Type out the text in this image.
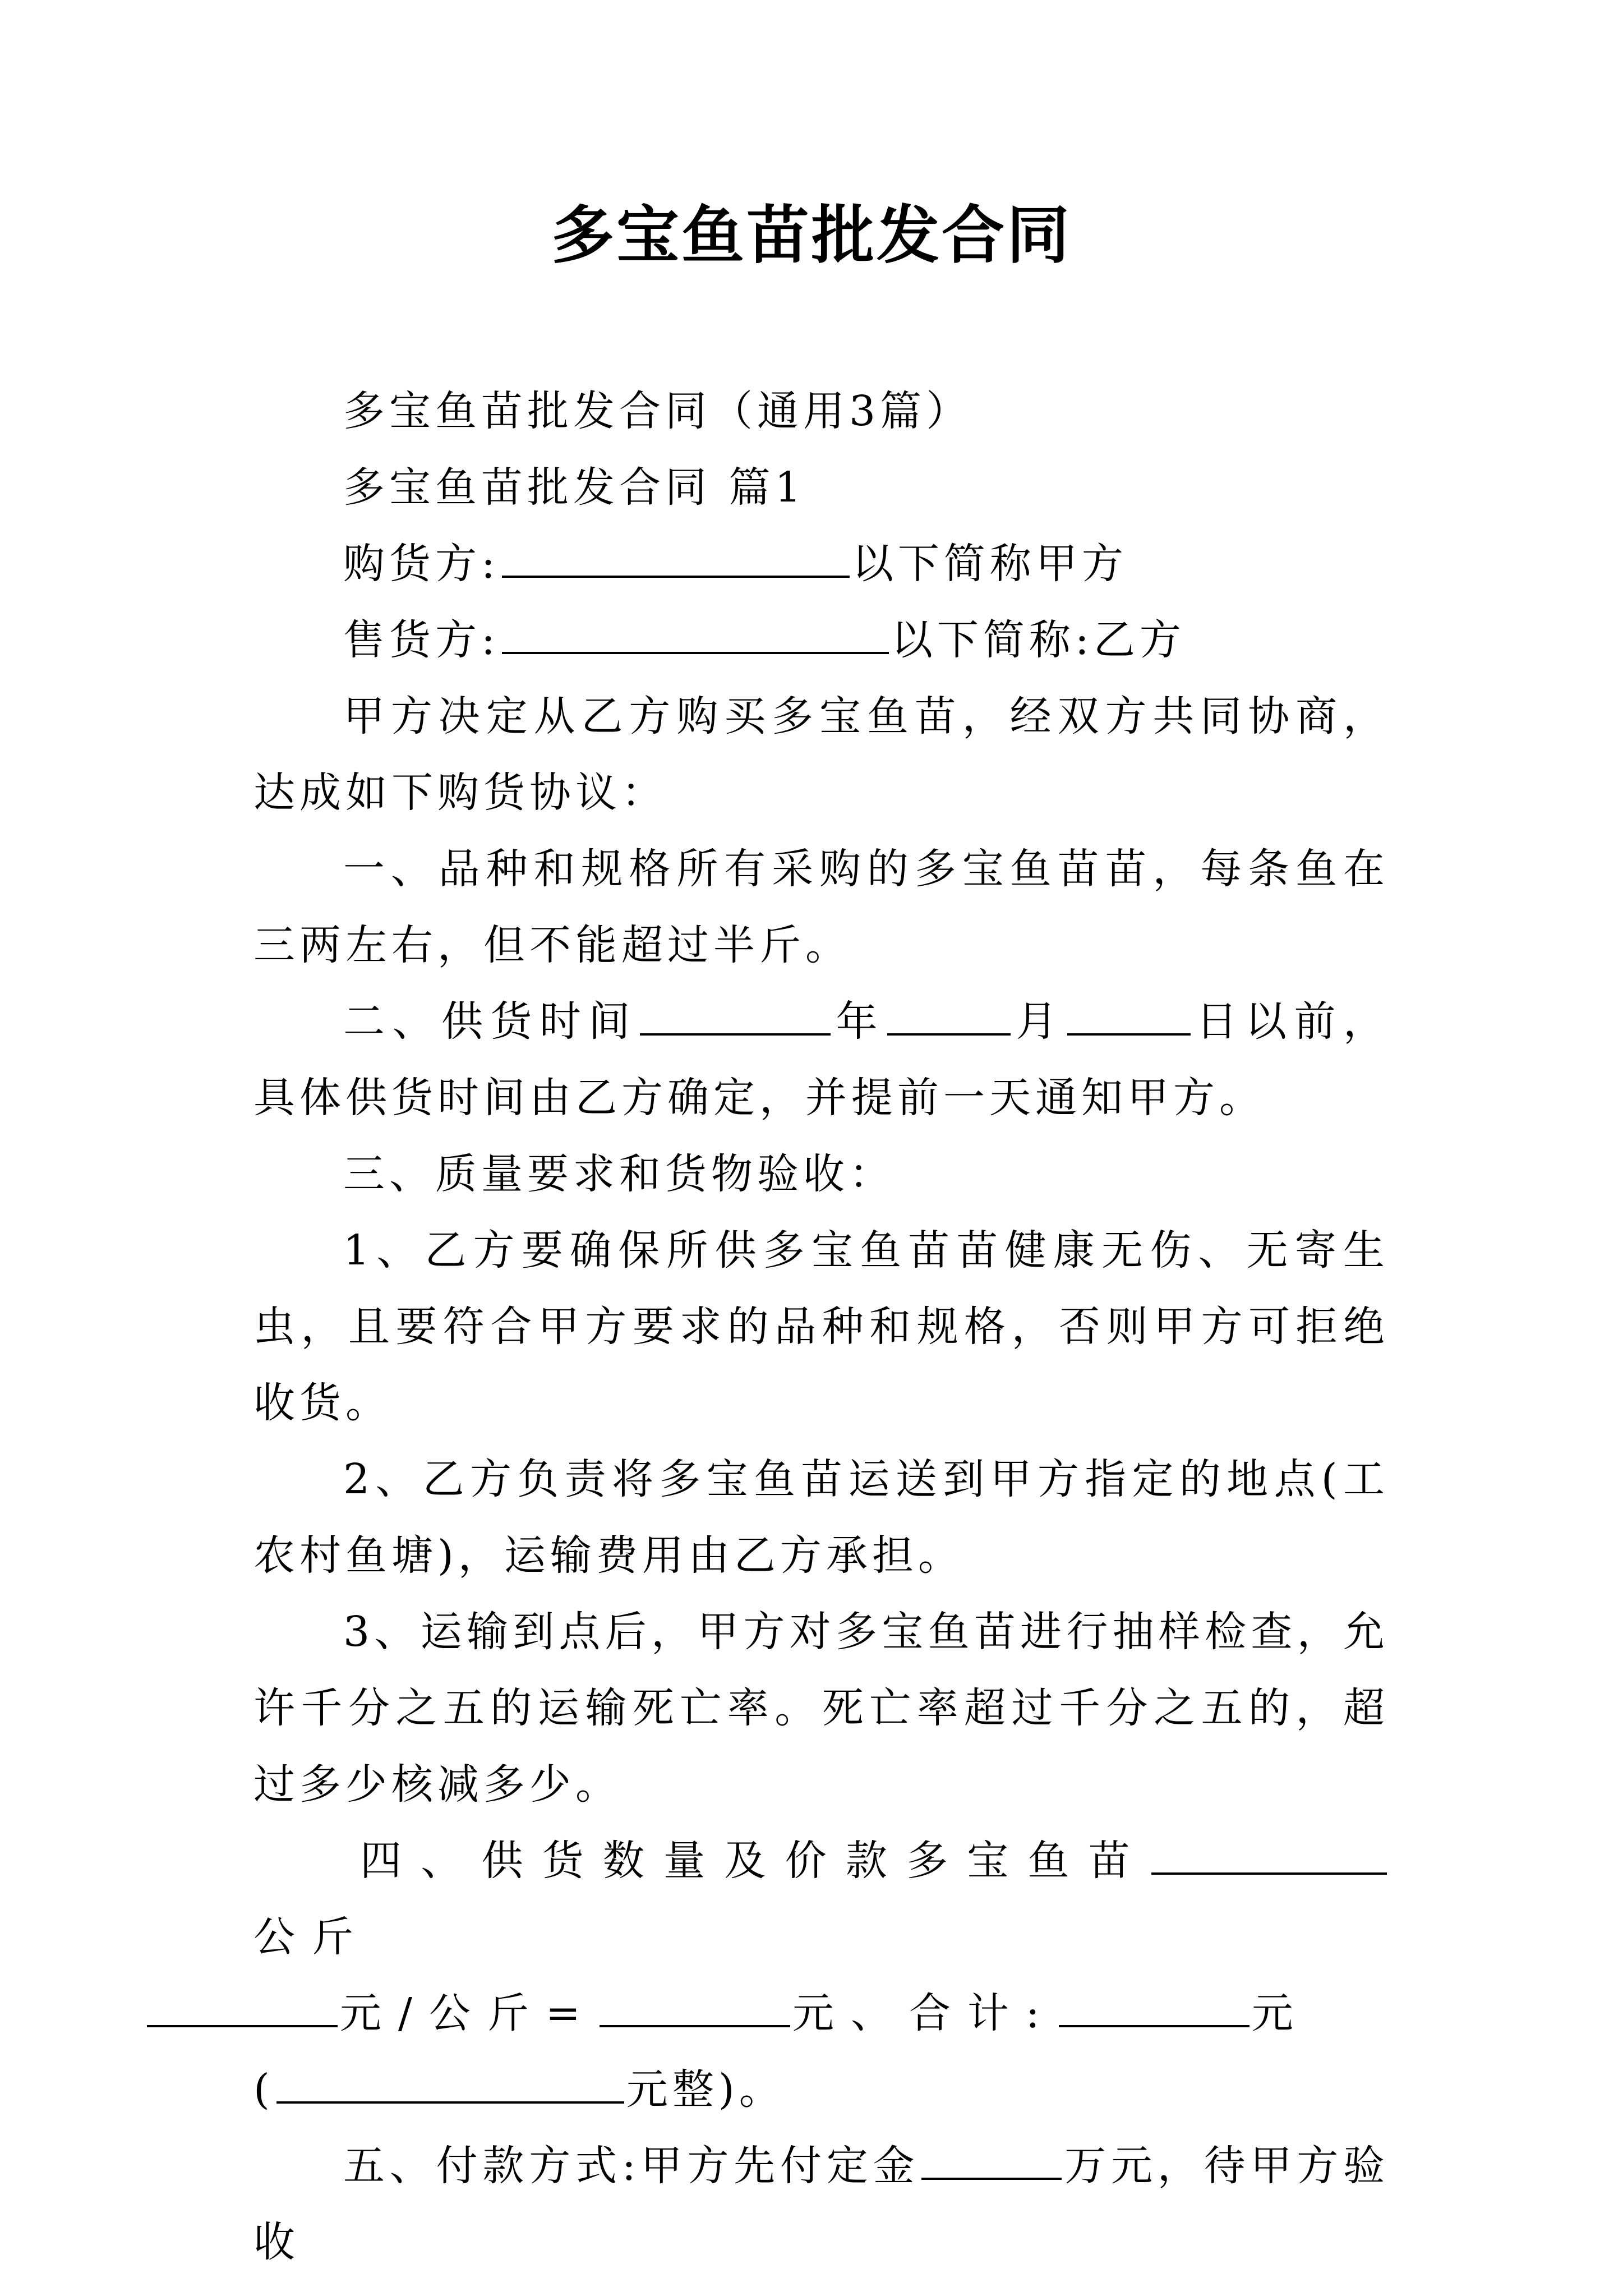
多宝鱼苗批发合同

多宝鱼苗批发合同（通用3篇）

多宝鱼苗批发合同 篇1

购货方:	以下简称甲方

售货方:	以下简称:乙方

甲方决定从乙方购买多宝鱼苗，经双方共同协商，达成如下购货协议：

一、品种和规格所有采购的多宝鱼苗苗，每条鱼在三两左右，但不能超过半斤。

二、供货时间	年	月	日以前，具体供货时间由乙方确定，并提前一天通知甲方。

三、质量要求和货物验收：

1、乙方要确保所供多宝鱼苗苗健康无伤、无寄生虫，且要符合甲方要求的品种和规格，否则甲方可拒绝收货。

2、乙方负责将多宝鱼苗运送到甲方指定的地点(工农村鱼塘)，运输费用由乙方承担。

3、运输到点后，甲方对多宝鱼苗进行抽样检查，允许千分之五的运输死亡率。死亡率超过千分之五的，超过多少核减多少。

四、供货数量及价款多宝鱼苗公斤
元/公斤=	元、合计:	元

(	元整)。

五、付款方式:甲方先付定金	万元，待甲方验收
